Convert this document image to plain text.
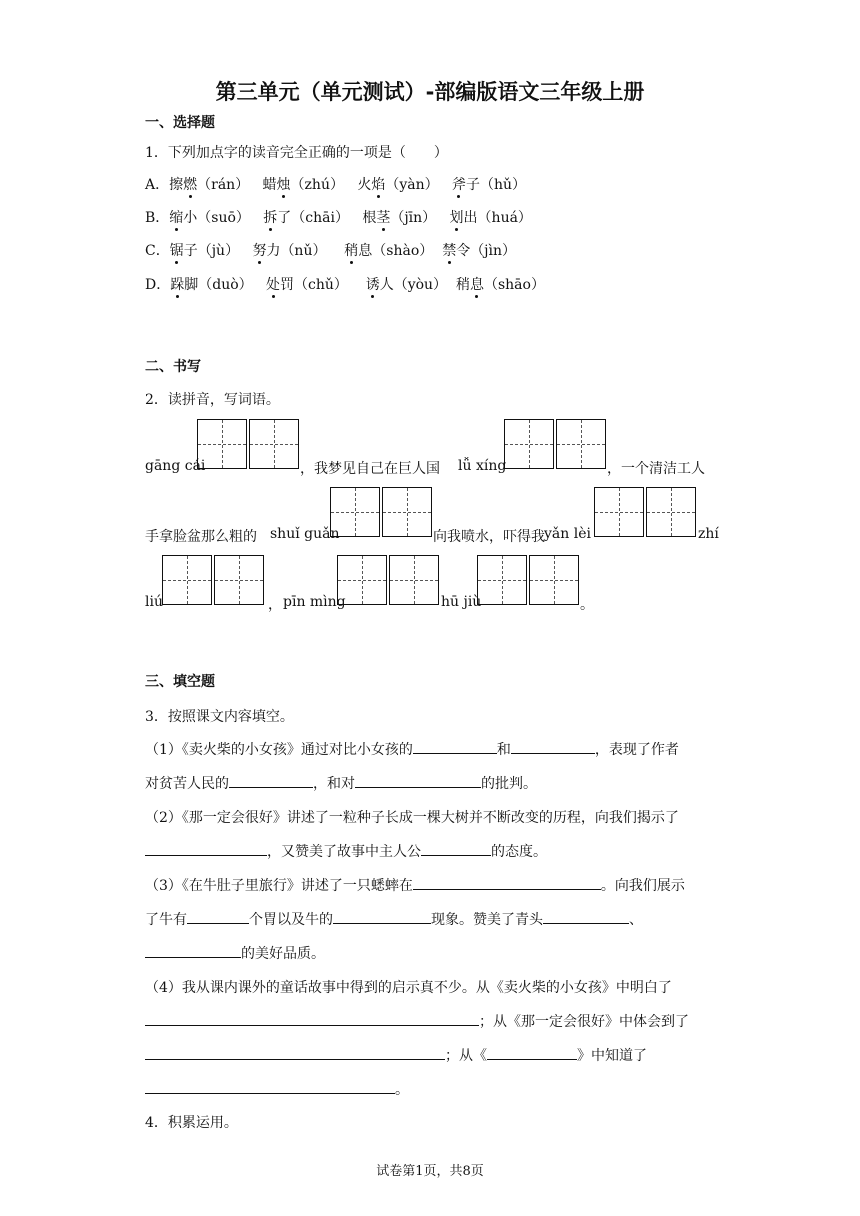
第三单元（单元测试）-部编版语文三年级上册
一、选择题
1．下列加点字的读音完全正确的一项是（　　）
A．擦燃（rán） 蜡烛（zhú） 火焰（yàn） 斧子（hǔ）
B．缩小（suō） 拆了（chāi） 根茎（jīn） 划出（huá）
C．锯子（jù） 努力（nǔ） 稍息（shào） 禁令（jìn）
D．跺脚（duò） 处罚（chǔ） 诱人（yòu） 稍息（shāo）
二、书写
2．读拼音，写词语。
gāng cái	，我梦见自己在巨人国 lǚ xíng	，一个清洁工人
手拿脸盆那么粗的 shuǐ guǎn	向我喷水，吓得我 yǎn lèi	zhí
liú	， pīn mìng	hū jiù	。
三、填空题
3．按照课文内容填空。
（1）《卖火柴的小女孩》通过对比小女孩的	和	，表现了作者
对贫苦人民的	，和对	的批判。
（2）《那一定会很好》讲述了一粒种子长成一棵大树并不断改变的历程，向我们揭示了
，又赞美了故事中主人公	的态度。
（3）《在牛肚子里旅行》讲述了一只蟋蟀在	。向我们展示
了牛有	个胃以及牛的	现象。赞美了青头	、
的美好品质。
（4）我从课内课外的童话故事中得到的启示真不少。从《卖火柴的小女孩》中明白了
；从《那一定会很好》中体会到了
；从《	》中知道了
。
4．积累运用。
试卷第1页，共8页
